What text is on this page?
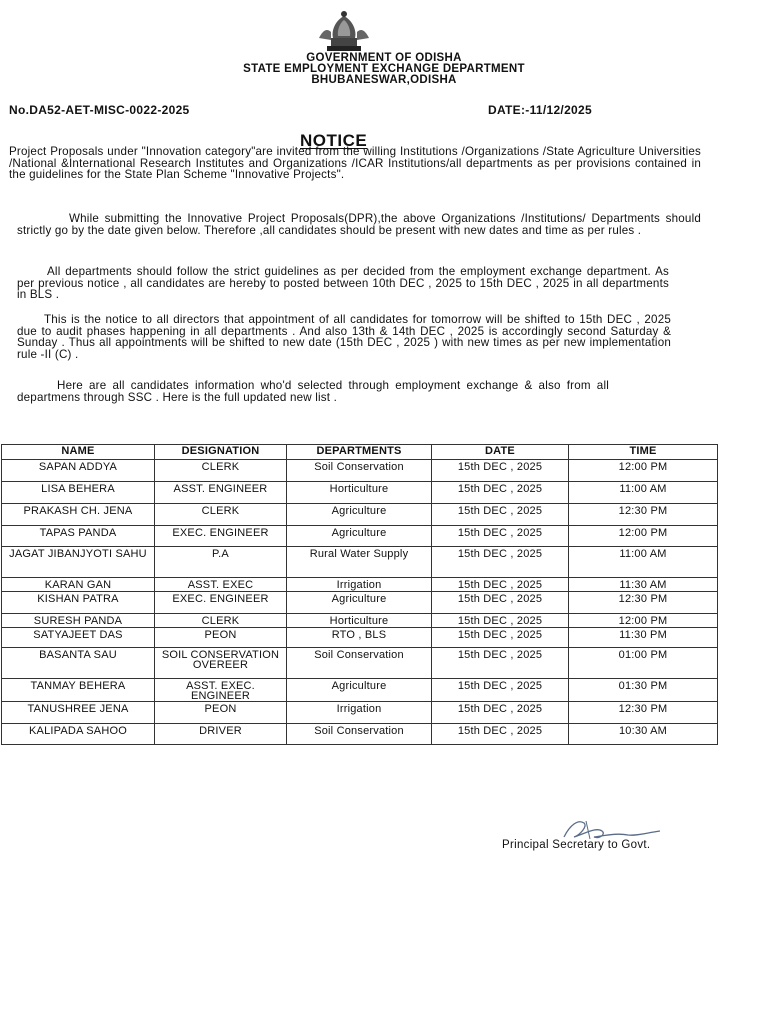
GOVERNMENT OF ODISHA
STATE EMPLOYMENT EXCHANGE DEPARTMENT
BHUBANESWAR,ODISHA
No.DA52-AET-MISC-0022-2025	DATE:-11/12/2025
NOTICE

Project Proposals under "Innovation category"are invited from the willing Institutions /Organizations /State Agriculture Universities /National &International Research Institutes and Organizations /ICAR Institutions/all departments as per provisions contained in the guidelines for the State Plan Scheme "Innovative Projects".

While submitting the Innovative Project Proposals(DPR),the above Organizations /Institutions/ Departments should strictly go by the date given below. Therefore ,all candidates should be present with new dates and time as per rules .

All departments should follow the strict guidelines as per decided from the employment exchange department. As per previous notice , all candidates are hereby to posted between 10th DEC , 2025 to 15th DEC , 2025 in all departments in BLS .

This is the notice to all directors that appointment of all candidates for tomorrow will be shifted to 15th DEC , 2025 due to audit phases happening in all departments . And also 13th & 14th DEC , 2025 is accordingly second Saturday & Sunday . Thus all appointments will be shifted to new date (15th DEC , 2025 ) with new times as per new implementation rule -II (C) .

Here are all candidates information who'd selected through employment exchange & also from all departmens through SSC . Here is the full updated new list .

NAME	DESIGNATION	DEPARTMENTS	DATE	TIME
SAPAN ADDYA	CLERK	Soil Conservation	15th DEC , 2025	12:00 PM
LISA BEHERA	ASST. ENGINEER	Horticulture	15th DEC , 2025	11:00 AM
PRAKASH CH. JENA	CLERK	Agriculture	15th DEC , 2025	12:30 PM
TAPAS PANDA	EXEC. ENGINEER	Agriculture	15th DEC , 2025	12:00 PM
JAGAT JIBANJYOTI SAHU	P.A	Rural Water Supply	15th DEC , 2025	11:00 AM
KARAN GAN	ASST. EXEC	Irrigation	15th DEC , 2025	11:30 AM
KISHAN PATRA	EXEC. ENGINEER	Agriculture	15th DEC , 2025	12:30 PM
SURESH PANDA	CLERK	Horticulture	15th DEC , 2025	12:00 PM
SATYAJEET DAS	PEON	RTO , BLS	15th DEC , 2025	11:30 PM
BASANTA SAU	SOIL CONSERVATION OVEREER	Soil Conservation	15th DEC , 2025	01:00 PM
TANMAY BEHERA	ASST. EXEC. ENGINEER	Agriculture	15th DEC , 2025	01:30 PM
TANUSHREE JENA	PEON	Irrigation	15th DEC , 2025	12:30 PM
KALIPADA SAHOO	DRIVER	Soil Conservation	15th DEC , 2025	10:30 AM
Principal Secretary to Govt.
